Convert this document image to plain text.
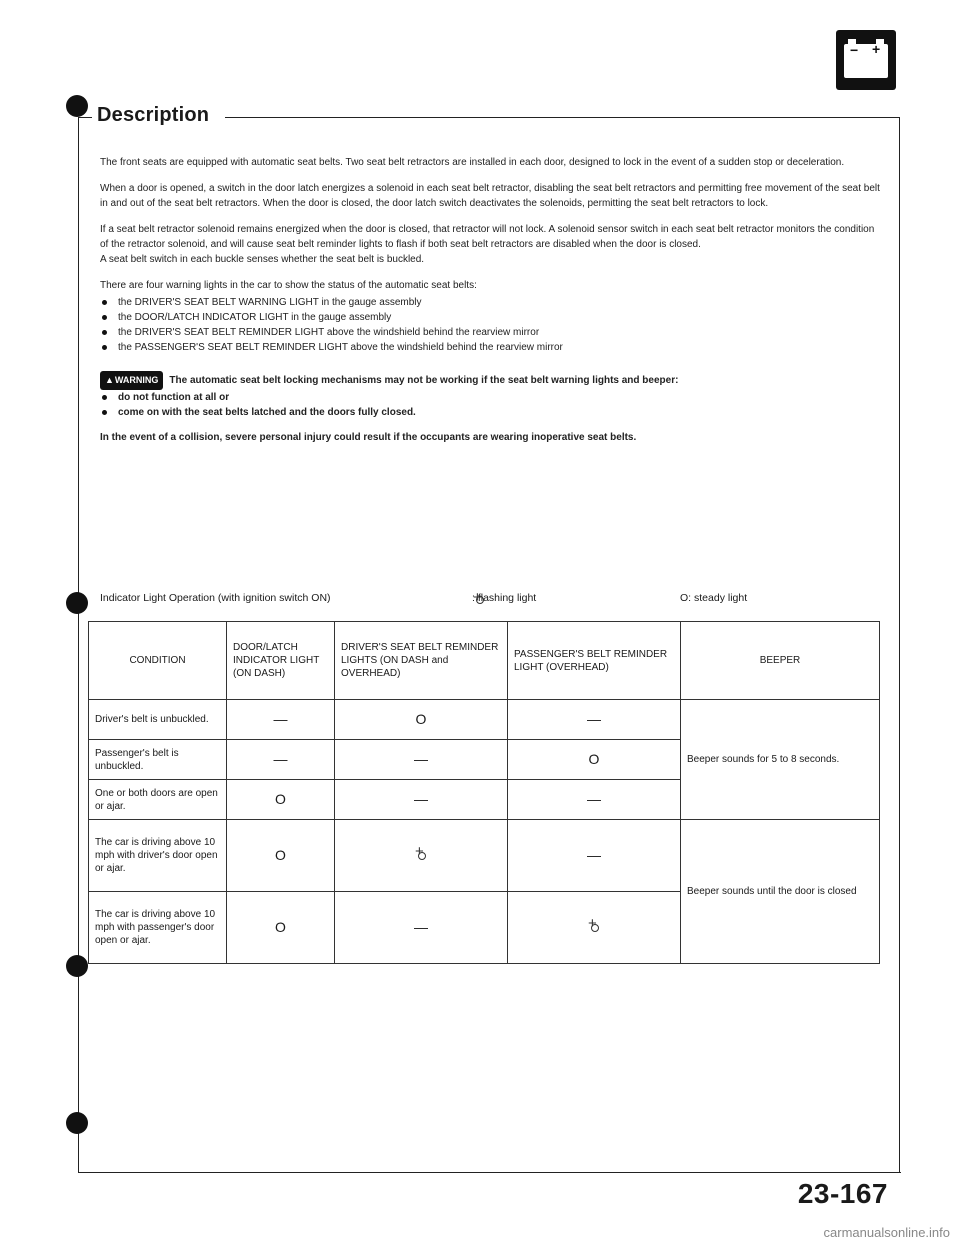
Description
− +

The front seats are equipped with automatic seat belts. Two seat belt retractors are installed in each door, designed to lock in the event of a sudden stop or deceleration.

When a door is opened, a switch in the door latch energizes a solenoid in each seat belt retractor, disabling the seat belt retractors and permitting free movement of the seat belt in and out of the seat belt retractors. When the door is closed, the door latch switch deactivates the solenoids, permitting the seat belt retractors to lock.

If a seat belt retractor solenoid remains energized when the door is closed, that retractor will not lock. A solenoid sensor switch in each seat belt retractor monitors the condition of the retractor solenoid, and will cause seat belt reminder lights to flash if both seat belt retractors are disabled when the door is closed.

A seat belt switch in each buckle senses whether the seat belt is buckled.

There are four warning lights in the car to show the status of the automatic seat belts:

the DRIVER'S SEAT BELT WARNING LIGHT in the gauge assembly
the DOOR/LATCH INDICATOR LIGHT in the gauge assembly
the DRIVER'S SEAT BELT REMINDER LIGHT above the windshield behind the rearview mirror
the PASSENGER'S SEAT BELT REMINDER LIGHT above the windshield behind the rearview mirror

▲WARNING The automatic seat belt locking mechanisms may not be working if the seat belt warning lights and beeper:

do not function at all or
come on with the seat belts latched and the doors fully closed.

In the event of a collision, severe personal injury could result if the occupants are wearing inoperative seat belts.

Indicator Light Operation (with ignition switch ON) +	: flashing light	O: steady light
CONDITION	DOOR/LATCH INDICATOR LIGHT (ON DASH)	DRIVER'S SEAT BELT REMINDER LIGHTS (ON DASH and OVERHEAD)	PASSENGER'S BELT REMINDER LIGHT (OVERHEAD)	BEEPER
Driver's belt is unbuckled.	—	O	—	Beeper sounds for 5 to 8 seconds.
Passenger's belt is unbuckled.	—	—	O	
One or both doors are open or ajar.	O	—	—	
The car is driving above 10 mph with driver's door open or ajar.	O	+	—	Beeper sounds until the door is closed
The car is driving above 10 mph with passenger's door open or ajar.	O	—	+
23-167
carmanualsonline.info
